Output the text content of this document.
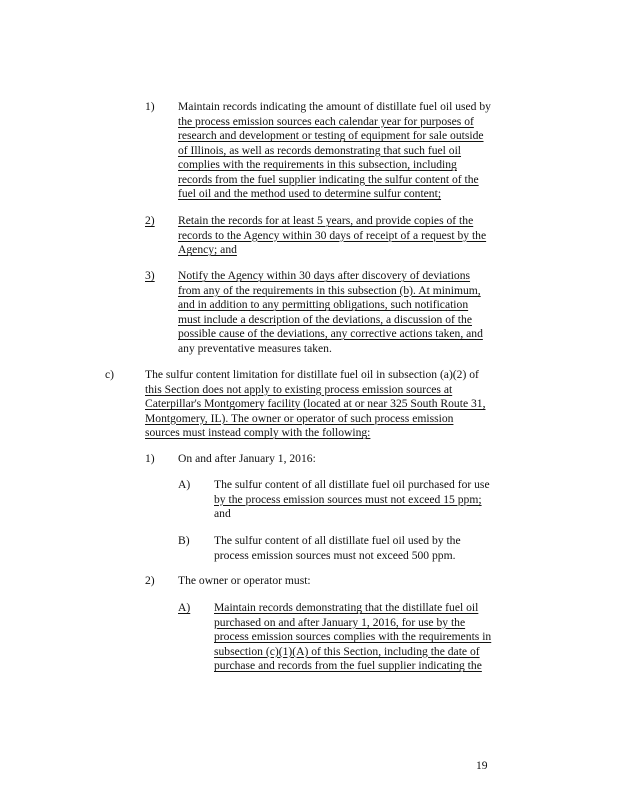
1) Maintain records indicating the amount of distillate fuel oil used by
the process emission sources each calendar year for purposes of
research and development or testing of equipment for sale outside
of Illinois, as well as records demonstrating that such fuel oil
complies with the requirements in this subsection, including
records from the fuel supplier indicating the sulfur content of the
fuel oil and the method used to determine sulfur content;
2) Retain the records for at least 5 years, and provide copies of the
records to the Agency within 30 days of receipt of a request by the
Agency; and
3) Notify the Agency within 30 days after discovery of deviations
from any of the requirements in this subsection (b). At minimum,
and in addition to any permitting obligations, such notification
must include a description of the deviations, a discussion of the
possible cause of the deviations, any corrective actions taken, and
any preventative measures taken.
c)	The sulfur content limitation for distillate fuel oil in subsection (a)(2) of
this Section does not apply to existing process emission sources at
Caterpillar's Montgomery facility (located at or near 325 South Route 31,
Montgomery, IL). The owner or operator of such process emission
sources must instead comply with the following:
1) On and after January 1, 2016:
A) The sulfur content of all distillate fuel oil purchased for use
by the process emission sources must not exceed 15 ppm;
and
B) The sulfur content of all distillate fuel oil used by the
process emission sources must not exceed 500 ppm.
2) The owner or operator must:
A) Maintain records demonstrating that the distillate fuel oil
purchased on and after January 1, 2016, for use by the
process emission sources complies with the requirements in
subsection (c)(1)(A) of this Section, including the date of
purchase and records from the fuel supplier indicating the
19
